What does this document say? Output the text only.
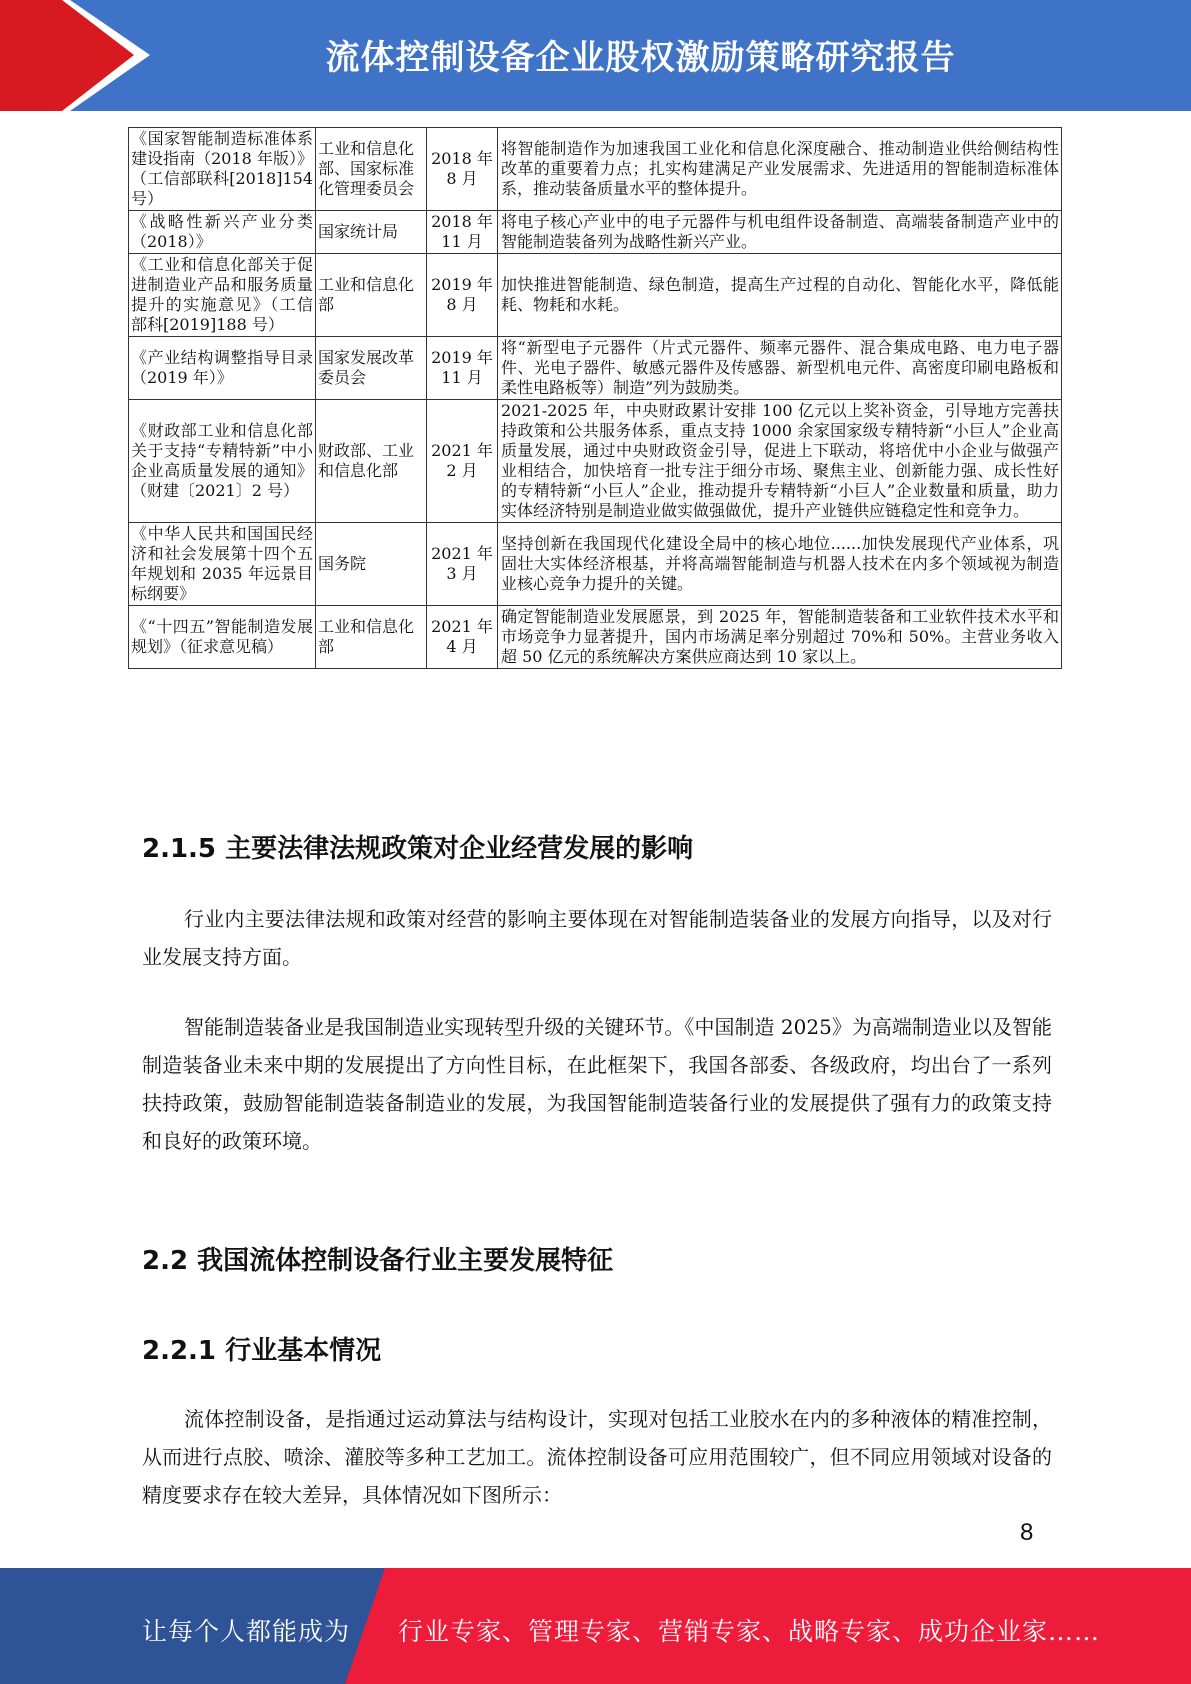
流体控制设备企业股权激励策略研究报告
《国家智能制造标准体系建设指南（2018 年版）》（工信部联科[2018]154 号）	工业和信息化部、国家标准化管理委员会	2018 年 8 月	将智能制造作为加速我国工业化和信息化深度融合、推动制造业供给侧结构性改革的重要着力点；扎实构建满足产业发展需求、先进适用的智能制造标准体系，推动装备质量水平的整体提升。

《战略性新兴产业分类（2018）》	国家统计局	2018 年 11 月	将电子核心产业中的电子元器件与机电组件设备制造、高端装备制造产业中的智能制造装备列为战略性新兴产业。
《工业和信息化部关于促进制造业产品和服务质量提升的实施意见》（工信部科[2019]188 号）	工业和信息化部	2019 年 8 月	加快推进智能制造、绿色制造，提高生产过程的自动化、智能化水平，降低能耗、物耗和水耗。
《产业结构调整指导目录（2019 年）》	国家发展改革委员会	2019 年 11 月	将“新型电子元器件（片式元器件、频率元器件、混合集成电路、电力电子器件、光电子器件、敏感元器件及传感器、新型机电元件、高密度印刷电路板和柔性电路板等）制造”列为鼓励类。
《财政部工业和信息化部关于支持“专精特新”中小企业高质量发展的通知》（财建〔2021〕2 号）	财政部、工业和信息化部	2021 年 2 月	2021-2025 年，中央财政累计安排 100 亿元以上奖补资金，引导地方完善扶持政策和公共服务体系，重点支持 1000 余家国家级专精特新“小巨人”企业高质量发展，通过中央财政资金引导，促进上下联动，将培优中小企业与做强产业相结合，加快培育一批专注于细分市场、聚焦主业、创新能力强、成长性好的专精特新“小巨人”企业，推动提升专精特新“小巨人”企业数量和质量，助力实体经济特别是制造业做实做强做优，提升产业链供应链稳定性和竞争力。
《中华人民共和国国民经济和社会发展第十四个五年规划和 2035 年远景目标纲要》	国务院	2021 年 3 月	坚持创新在我国现代化建设全局中的核心地位......加快发展现代产业体系，巩固壮大实体经济根基，并将高端智能制造与机器人技术在内多个领域视为制造业核心竞争力提升的关键。
《“十四五”智能制造发展规划》（征求意见稿）	工业和信息化部	2021 年 4 月	确定智能制造业发展愿景，到 2025 年，智能制造装备和工业软件技术水平和市场竞争力显著提升，国内市场满足率分别超过 70%和 50%。主营业务收入超 50 亿元的系统解决方案供应商达到 10 家以上。
2.1.5 主要法律法规政策对企业经营发展的影响
行业内主要法律法规和政策对经营的影响主要体现在对智能制造装备业的发展方向指导，以及对行业发展支持方面。
智能制造装备业是我国制造业实现转型升级的关键环节。《中国制造 2025》为高端制造业以及智能制造装备业未来中期的发展提出了方向性目标，在此框架下，我国各部委、各级政府，均出台了一系列扶持政策，鼓励智能制造装备制造业的发展，为我国智能制造装备行业的发展提供了强有力的政策支持和良好的政策环境。
2.2 我国流体控制设备行业主要发展特征
2.2.1 行业基本情况
流体控制设备，是指通过运动算法与结构设计，实现对包括工业胶水在内的多种液体的精准控制，从而进行点胶、喷涂、灌胶等多种工艺加工。流体控制设备可应用范围较广，但不同应用领域对设备的精度要求存在较大差异，具体情况如下图所示：
8
让每个人都能成为 行业专家、管理专家、营销专家、战略专家、成功企业家……
